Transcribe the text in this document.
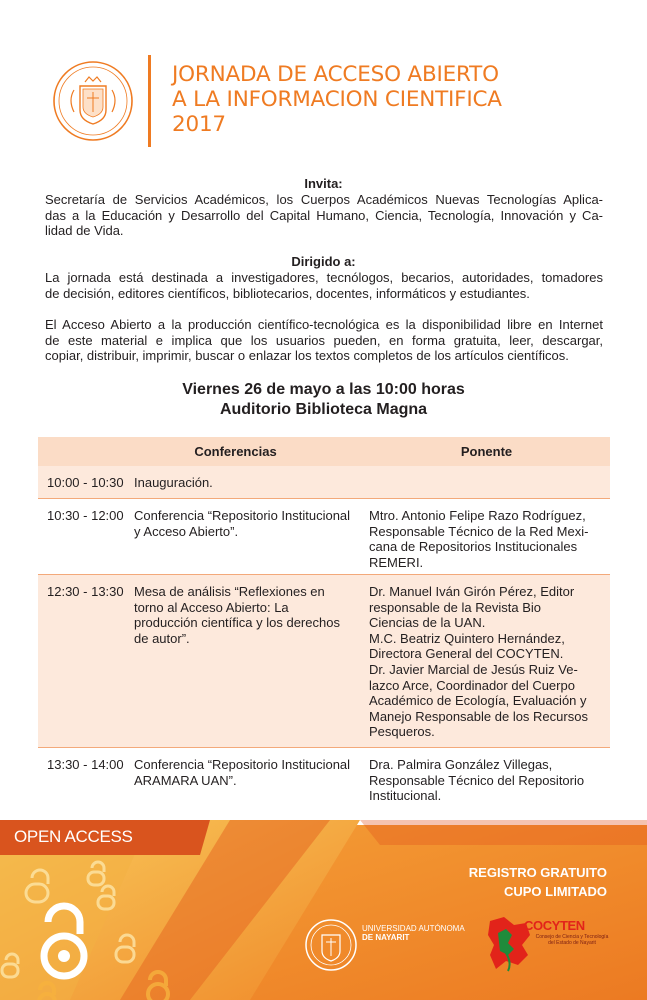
JORNADA DE ACCESO ABIERTO
A LA INFORMACION CIENTIFICA
2017
Invita:
Secretaría de Servicios Académicos, los Cuerpos Académicos Nuevas Tecnologías Aplica-
das a la Educación y Desarrollo del Capital Humano, Ciencia, Tecnología, Innovación y Ca-
lidad de Vida.
Dirigido a:
La jornada está destinada a investigadores, tecnólogos, becarios, autoridades, tomadores
de decisión, editores científicos, bibliotecarios, docentes, informáticos y estudiantes.
El Acceso Abierto a la producción científico-tecnológica es la disponibilidad libre en Internet
de este material e implica que los usuarios pueden, en forma gratuita, leer, descargar,
copiar, distribuir, imprimir, buscar o enlazar los textos completos de los artículos científicos.
Viernes 26 de mayo a las 10:00 horas
Auditorio Biblioteca Magna
Conferencias	Ponente
10:00 - 10:30 Inauguración.
10:30 - 12:00 Conferencia “Repositorio Institucional
y Acceso Abierto”.
Mtro. Antonio Felipe Razo Rodríguez,
Responsable Técnico de la Red Mexi-
cana de Repositorios Institucionales
REMERI.
12:30 - 13:30 Mesa de análisis “Reflexiones en
torno al Acceso Abierto: La
producción científica y los derechos
de autor”.
Dr. Manuel Iván Girón Pérez, Editor
responsable de la Revista Bio
Ciencias de la UAN.
M.C. Beatriz Quintero Hernández,
Directora General del COCYTEN.
Dr. Javier Marcial de Jesús Ruiz Ve-
lazco Arce, Coordinador del Cuerpo
Académico de Ecología, Evaluación y
Manejo Responsable de los Recursos
Pesqueros.
13:30 - 14:00 Conferencia “Repositorio Institucional
ARAMARA UAN”.
Dra. Palmira González Villegas,
Responsable Técnico del Repositorio
Institucional.
OPEN ACCESS
REGISTRO GRATUITO
CUPO LIMITADO
UNIVERSIDAD AUTÓNOMA
DE NAYARIT
COCYTEN
Consejo de Ciencia y Tecnología del Estado de Nayarit
